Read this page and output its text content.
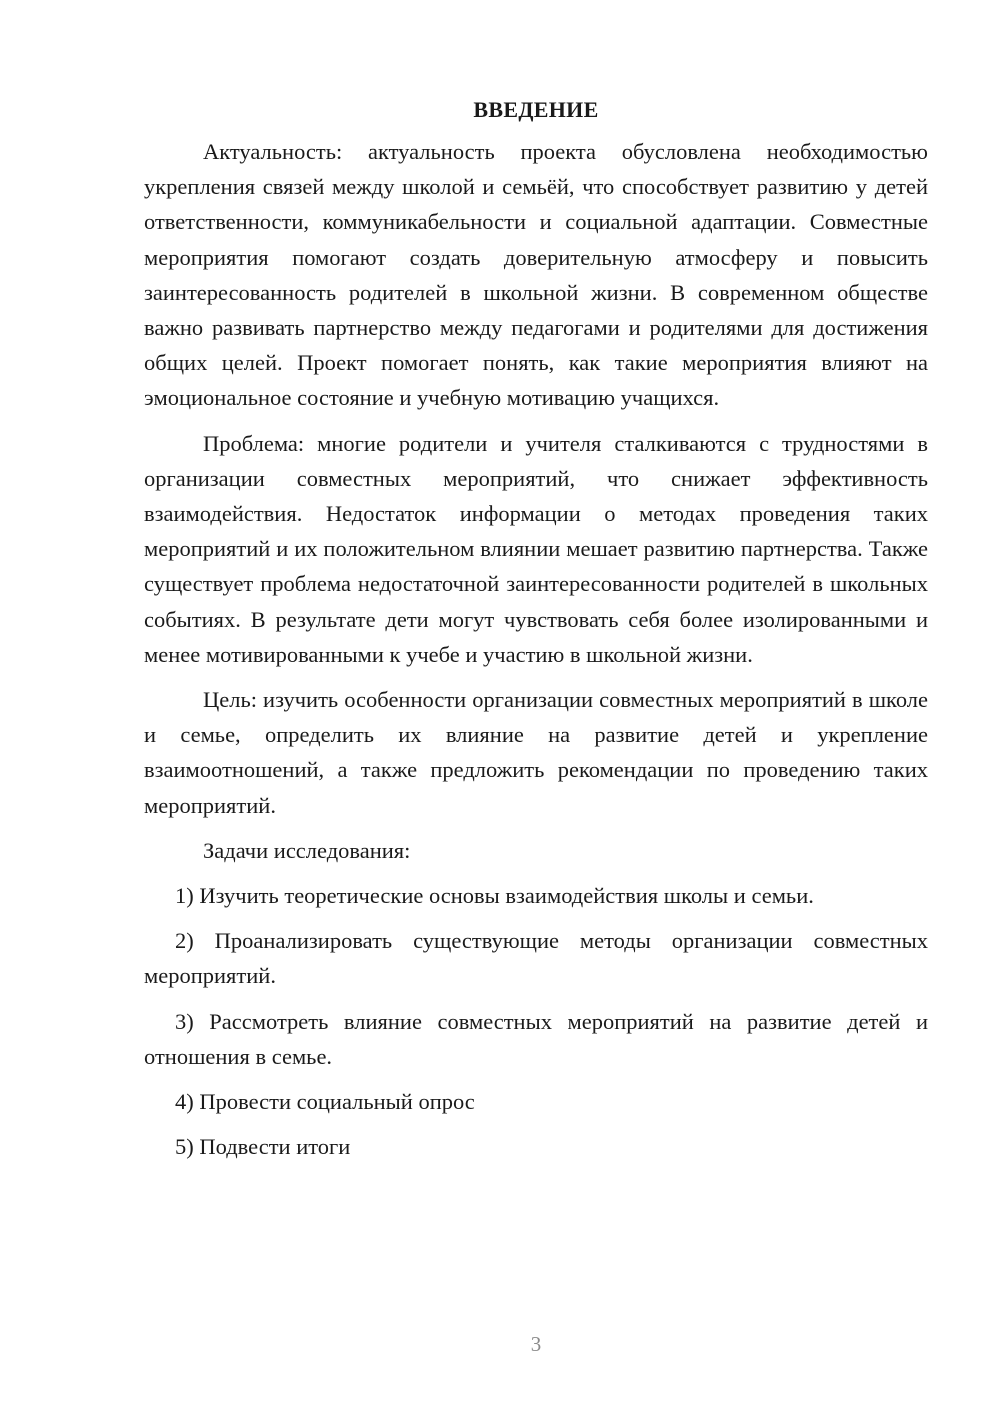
ВВЕДЕНИЕ

Актуальность: актуальность проекта обусловлена необходимостью укрепления связей между школой и семьёй, что способствует развитию у детей ответственности, коммуникабельности и социальной адаптации. Совместные мероприятия помогают создать доверительную атмосферу и повысить заинтересованность родителей в школьной жизни. В современном обществе важно развивать партнерство между педагогами и родителями для достижения общих целей. Проект помогает понять, как такие мероприятия влияют на эмоциональное состояние и учебную мотивацию учащихся.

Проблема: многие родители и учителя сталкиваются с трудностями в организации совместных мероприятий, что снижает эффективность взаимодействия. Недостаток информации о методах проведения таких мероприятий и их положительном влиянии мешает развитию партнерства. Также существует проблема недостаточной заинтересованности родителей в школьных событиях. В результате дети могут чувствовать себя более изолированными и менее мотивированными к учебе и участию в школьной жизни.

Цель: изучить особенности организации совместных мероприятий в школе и семье, определить их влияние на развитие детей и укрепление взаимоотношений, а также предложить рекомендации по проведению таких мероприятий.

Задачи исследования:

1) Изучить теоретические основы взаимодействия школы и семьи.

2) Проанализировать существующие методы организации совместных мероприятий.

3) Рассмотреть влияние совместных мероприятий на развитие детей и отношения в семье.

4) Провести социальный опрос

5) Подвести итоги

3
